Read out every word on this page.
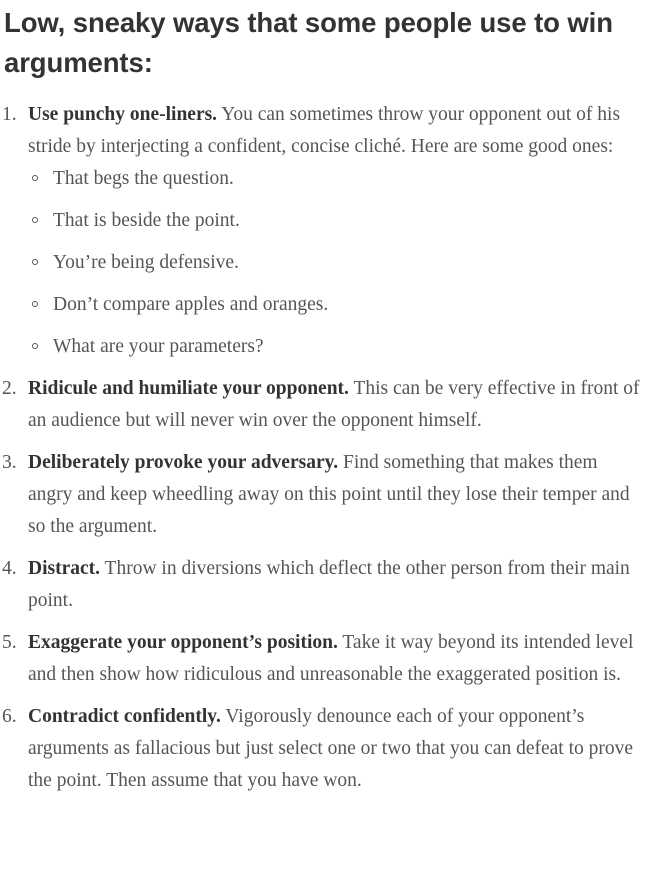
Low, sneaky ways that some people use to win arguments:
1. Use punchy one-liners. You can sometimes throw your opponent out of his stride by interjecting a confident, concise cliché. Here are some good ones:
That begs the question.
That is beside the point.
You’re being defensive.
Don’t compare apples and oranges.
What are your parameters?
2. Ridicule and humiliate your opponent. This can be very effective in front of an audience but will never win over the opponent himself.
3. Deliberately provoke your adversary. Find something that makes them angry and keep wheedling away on this point until they lose their temper and so the argument.
4. Distract. Throw in diversions which deflect the other person from their main point.
5. Exaggerate your opponent’s position. Take it way beyond its intended level and then show how ridiculous and unreasonable the exaggerated position is.
6. Contradict confidently. Vigorously denounce each of your opponent’s arguments as fallacious but just select one or two that you can defeat to prove the point. Then assume that you have won.
